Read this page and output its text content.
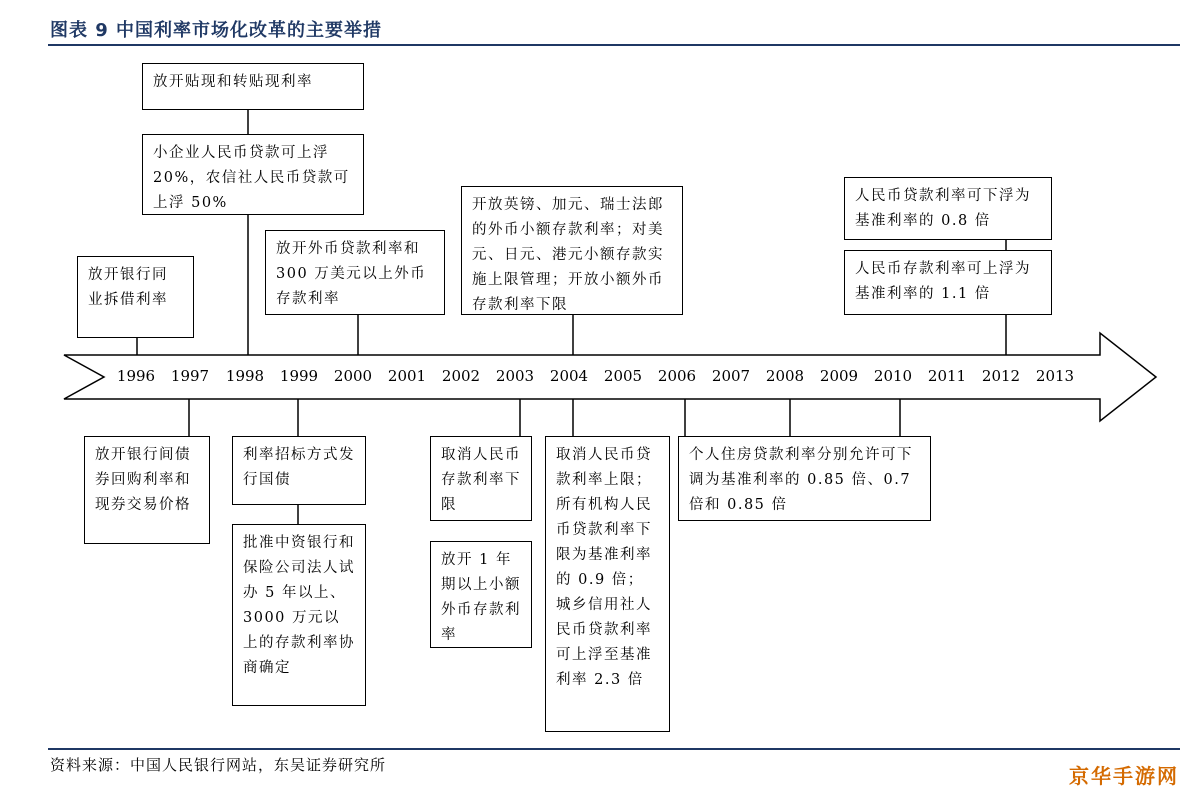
图表 9 中国利率市场化改革的主要举措
1996	1997	1998	1999	2000	2001	2002	2003	2004	2005	2006	2007	2008	2009	2010	2011	2012	2013
放开银行同业拆借利率
放开贴现和转贴现利率
小企业人民币贷款可上浮 20%，农信社人民币贷款可上浮 50%
放开外币贷款利率和 300 万美元以上外币存款利率
开放英镑、加元、瑞士法郎的外币小额存款利率；对美元、日元、港元小额存款实施上限管理；开放小额外币存款利率下限
人民币贷款利率可下浮为基准利率的 0.8 倍
人民币存款利率可上浮为基准利率的 1.1 倍
放开银行间债券回购利率和现券交易价格
利率招标方式发行国债
批准中资银行和保险公司法人试办 5 年以上、3000 万元以上的存款利率协商确定
取消人民币存款利率下限
放开 1 年期以上小额外币存款利率
取消人民币贷款利率上限；所有机构人民币贷款利率下限为基准利率的 0.9 倍；城乡信用社人民币贷款利率可上浮至基准利率 2.3 倍
个人住房贷款利率分别允许可下调为基准利率的 0.85 倍、0.7 倍和 0.85 倍
资料来源：中国人民银行网站，东吴证券研究所	京华手游网
